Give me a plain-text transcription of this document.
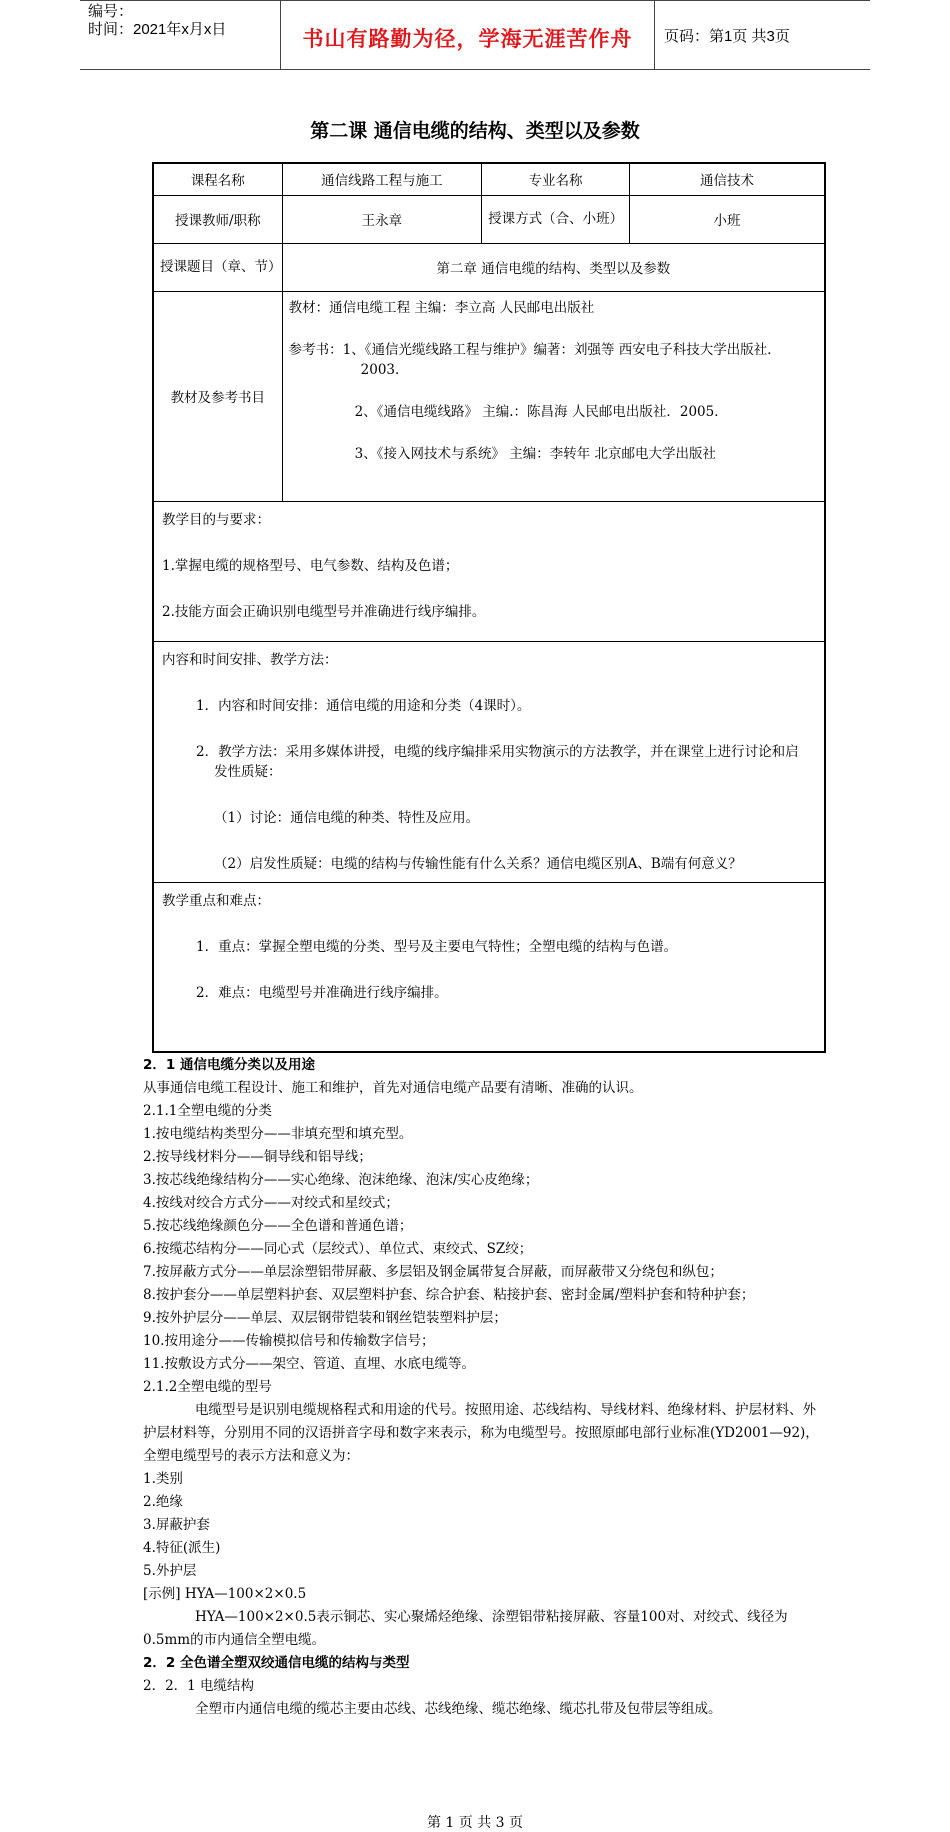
编号：
时间：2021年x月x日	书山有路勤为径，学海无涯苦作舟	页码：第1页 共3页
第二课 通信电缆的结构、类型以及参数
课程名称	通信线路工程与施工	专业名称	通信技术
授课教师/职称	王永章	授课方式（合、小班）	小班
授课题目（章、节）	第二章 通信电缆的结构、类型以及参数		
教材及参考书目	教材：通信电缆工程 主编：李立高 人民邮电出版社

参考书：1、《通信光缆线路工程与维护》编著：刘强等 西安电子科技大学出版社．2003．

2、《通信电缆线路》 主编.：陈昌海 人民邮电出版社．2005．

3、《接入网技术与系统》 主编：李转年 北京邮电大学出版社		

教学目的与要求：

1.掌握电缆的规格型号、电气参数、结构及色谱；

2.技能方面会正确识别电缆型号并准确进行线序编排。			

内容和时间安排、教学方法：

1．内容和时间安排：通信电缆的用途和分类（4课时）。

2．教学方法：采用多媒体讲授，电缆的线序编排采用实物演示的方法教学，并在课堂上进行讨论和启发性质疑：

（1）讨论：通信电缆的种类、特性及应用。

（2）启发性质疑：电缆的结构与传输性能有什么关系？通信电缆区别A、B端有何意义？			

教学重点和难点：

1．重点：掌握全塑电缆的分类、型号及主要电气特性；全塑电缆的结构与色谱。

2．难点：电缆型号并准确进行线序编排。			

2．1 通信电缆分类以及用途
从事通信电缆工程设计、施工和维护，首先对通信电缆产品要有清晰、准确的认识。
2.1.1全塑电缆的分类
1.按电缆结构类型分——非填充型和填充型。
2.按导线材料分——铜导线和铝导线；
3.按芯线绝缘结构分——实心绝缘、泡沫绝缘、泡沫/实心皮绝缘；
4.按线对绞合方式分——对绞式和星绞式；
5.按芯线绝缘颜色分——全色谱和普通色谱；
6.按缆芯结构分——同心式（层绞式）、单位式、束绞式、SZ绞；
7.按屏蔽方式分——单层涂塑铝带屏蔽、多层铝及钢金属带复合屏蔽，而屏蔽带又分绕包和纵包；
8.按护套分——单层塑料护套、双层塑料护套、综合护套、粘接护套、密封金属/塑料护套和特种护套；
9.按外护层分——单层、双层钢带铠装和钢丝铠装塑料护层；
10.按用途分——传输模拟信号和传输数字信号；
11.按敷设方式分——架空、管道、直埋、水底电缆等。
2.1.2全塑电缆的型号
电缆型号是识别电缆规格程式和用途的代号。按照用途、芯线结构、导线材料、绝缘材料、护层材料、外护层材料等，分别用不同的汉语拼音字母和数字来表示，称为电缆型号。按照原邮电部行业标准(YD2001—92)，全塑电缆型号的表示方法和意义为：
1.类别
2.绝缘
3.屏蔽护套
4.特征(派生)
5.外护层
[示例] HYA—100×2×0.5
HYA—100×2×0.5表示铜芯、实心聚烯烃绝缘、涂塑铝带粘接屏蔽、容量100对、对绞式、线径为0.5mm的市内通信全塑电缆。
2．2 全色谱全塑双绞通信电缆的结构与类型
2．2．1 电缆结构
全塑市内通信电缆的缆芯主要由芯线、芯线绝缘、缆芯绝缘、缆芯扎带及包带层等组成。
第 1 页 共 3 页
